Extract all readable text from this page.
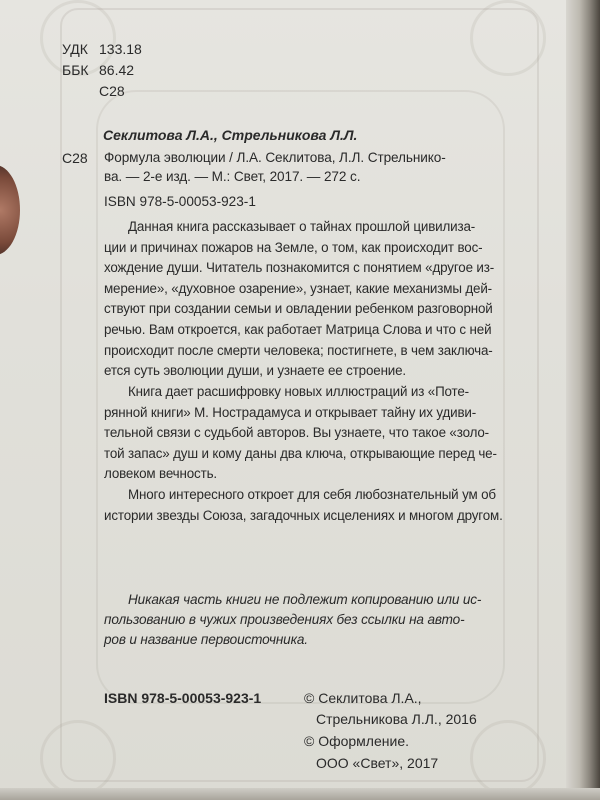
УДК 133.18
ББК 86.42
С28
Секлитова Л.А., Стрельникова Л.Л.
С28 Формула эволюции / Л.А. Секлитова, Л.Л. Стрельнико-
ва. — 2-е изд. — М.: Свет, 2017. — 272 с.
ISBN 978-5-00053-923-1
Данная книга рассказывает о тайнах прошлой цивилиза-
ции и причинах пожаров на Земле, о том, как происходит вос-
хождение души. Читатель познакомится с понятием «другое из-
мерение», «духовное озарение», узнает, какие механизмы дей-
ствуют при создании семьи и овладении ребенком разговорной
речью. Вам откроется, как работает Матрица Слова и что с ней
происходит после смерти человека; постигнете, в чем заключа-
ется суть эволюции души, и узнаете ее строение.
Книга дает расшифровку новых иллюстраций из «Поте-
рянной книги» М. Нострадамуса и открывает тайну их удиви-
тельной связи с судьбой авторов. Вы узнаете, что такое «золо-
той запас» душ и кому даны два ключа, открывающие перед че-
ловеком вечность.
Много интересного откроет для себя любознательный ум об
истории звезды Союза, загадочных исцелениях и многом другом.
Никакая часть книги не подлежит копированию или ис-
пользованию в чужих произведениях без ссылки на авто-
ров и название первоисточника.
ISBN 978-5-00053-923-1	© Секлитова Л.А.,
Стрельникова Л.Л., 2016
© Оформление.
ООО «Свет», 2017
